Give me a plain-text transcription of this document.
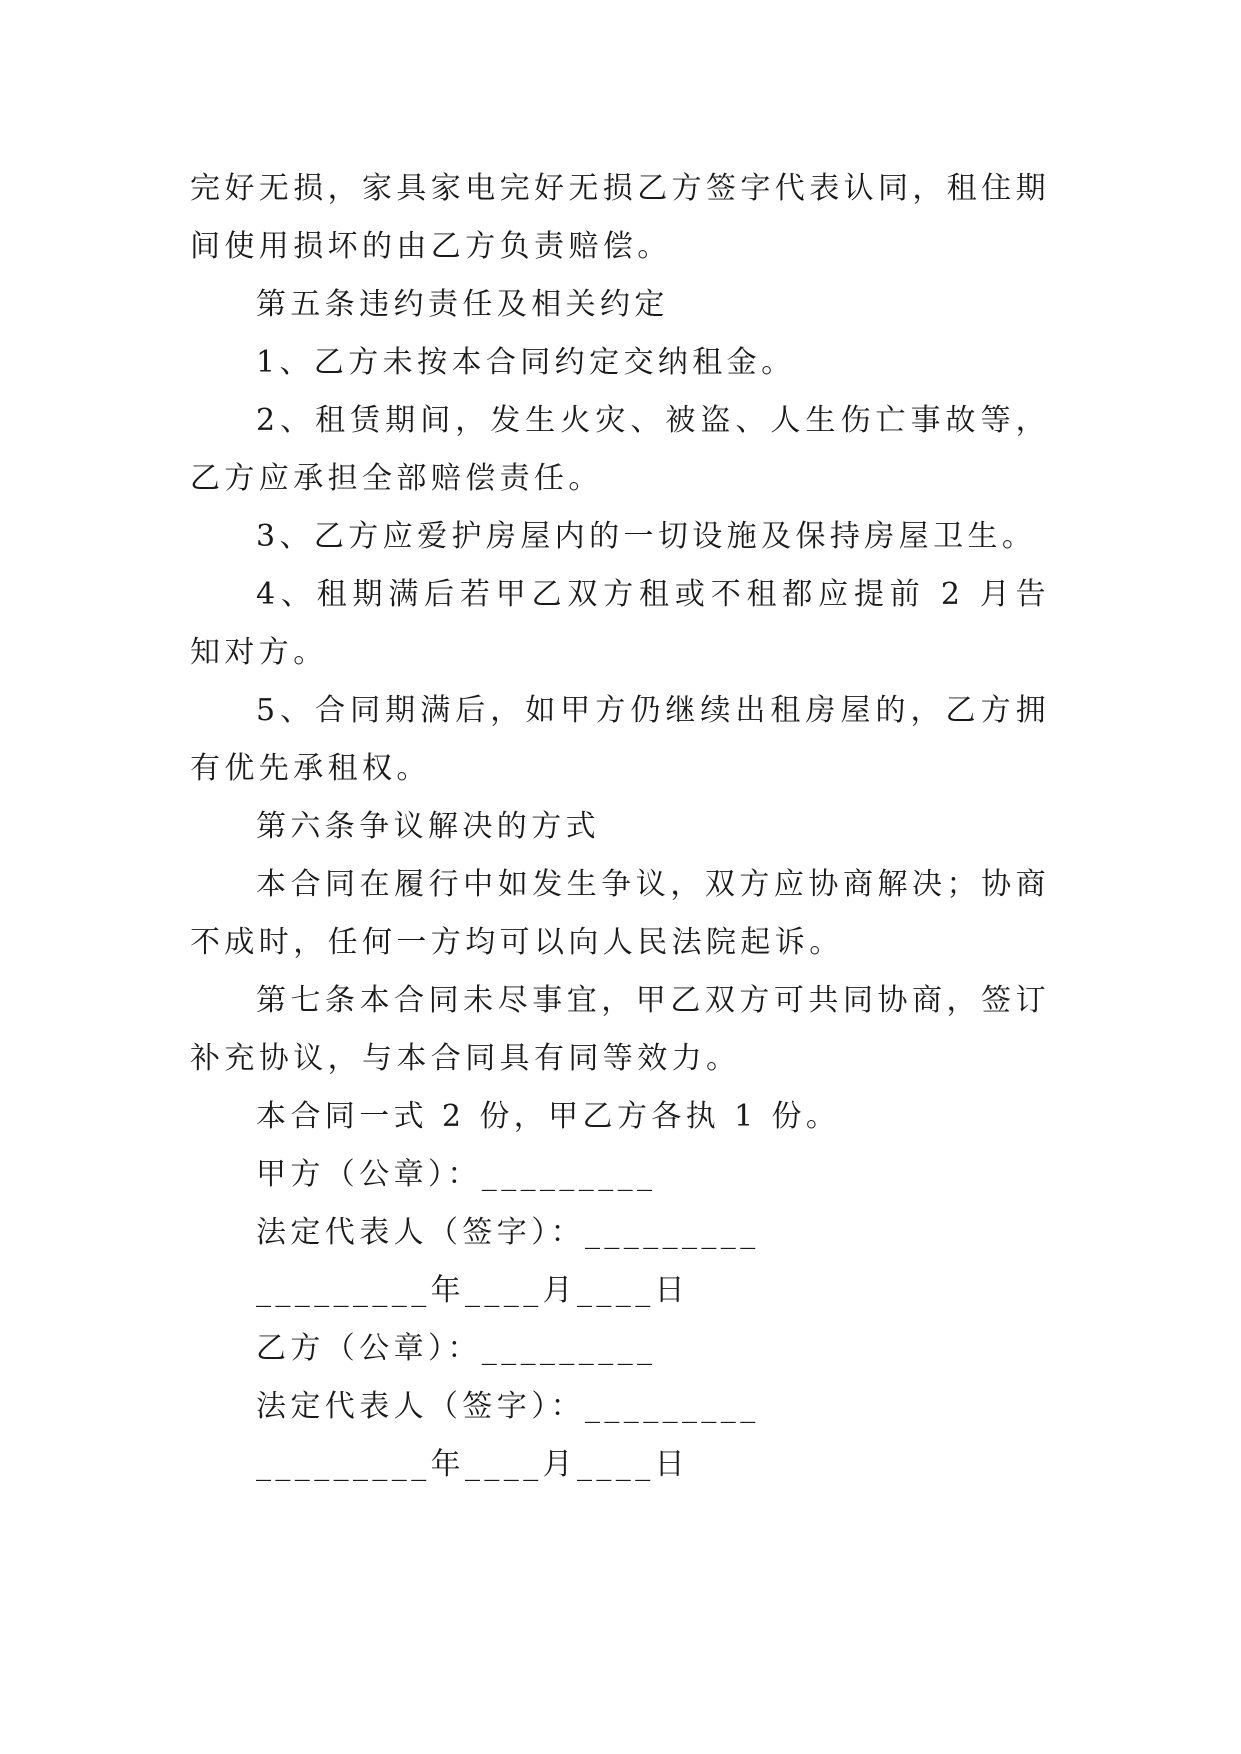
完好无损，家具家电完好无损乙方签字代表认同，租住期间使用损坏的由乙方负责赔偿。

第五条违约责任及相关约定

1、乙方未按本合同约定交纳租金。

2、租赁期间，发生火灾、被盗、人生伤亡事故等，乙方应承担全部赔偿责任。

3、乙方应爱护房屋内的一切设施及保持房屋卫生。

4、租期满后若甲乙双方租或不租都应提前 2 月告知对方。

5、合同期满后，如甲方仍继续出租房屋的，乙方拥有优先承租权。

第六条争议解决的方式

本合同在履行中如发生争议，双方应协商解决；协商不成时，任何一方均可以向人民法院起诉。

第七条本合同未尽事宜，甲乙双方可共同协商，签订补充协议，与本合同具有同等效力。

本合同一式 2 份，甲乙方各执 1 份。

甲方（公章）：_________

法定代表人（签字）：_________

_________年____月____日

乙方（公章）：_________

法定代表人（签字）：_________

_________年____月____日
